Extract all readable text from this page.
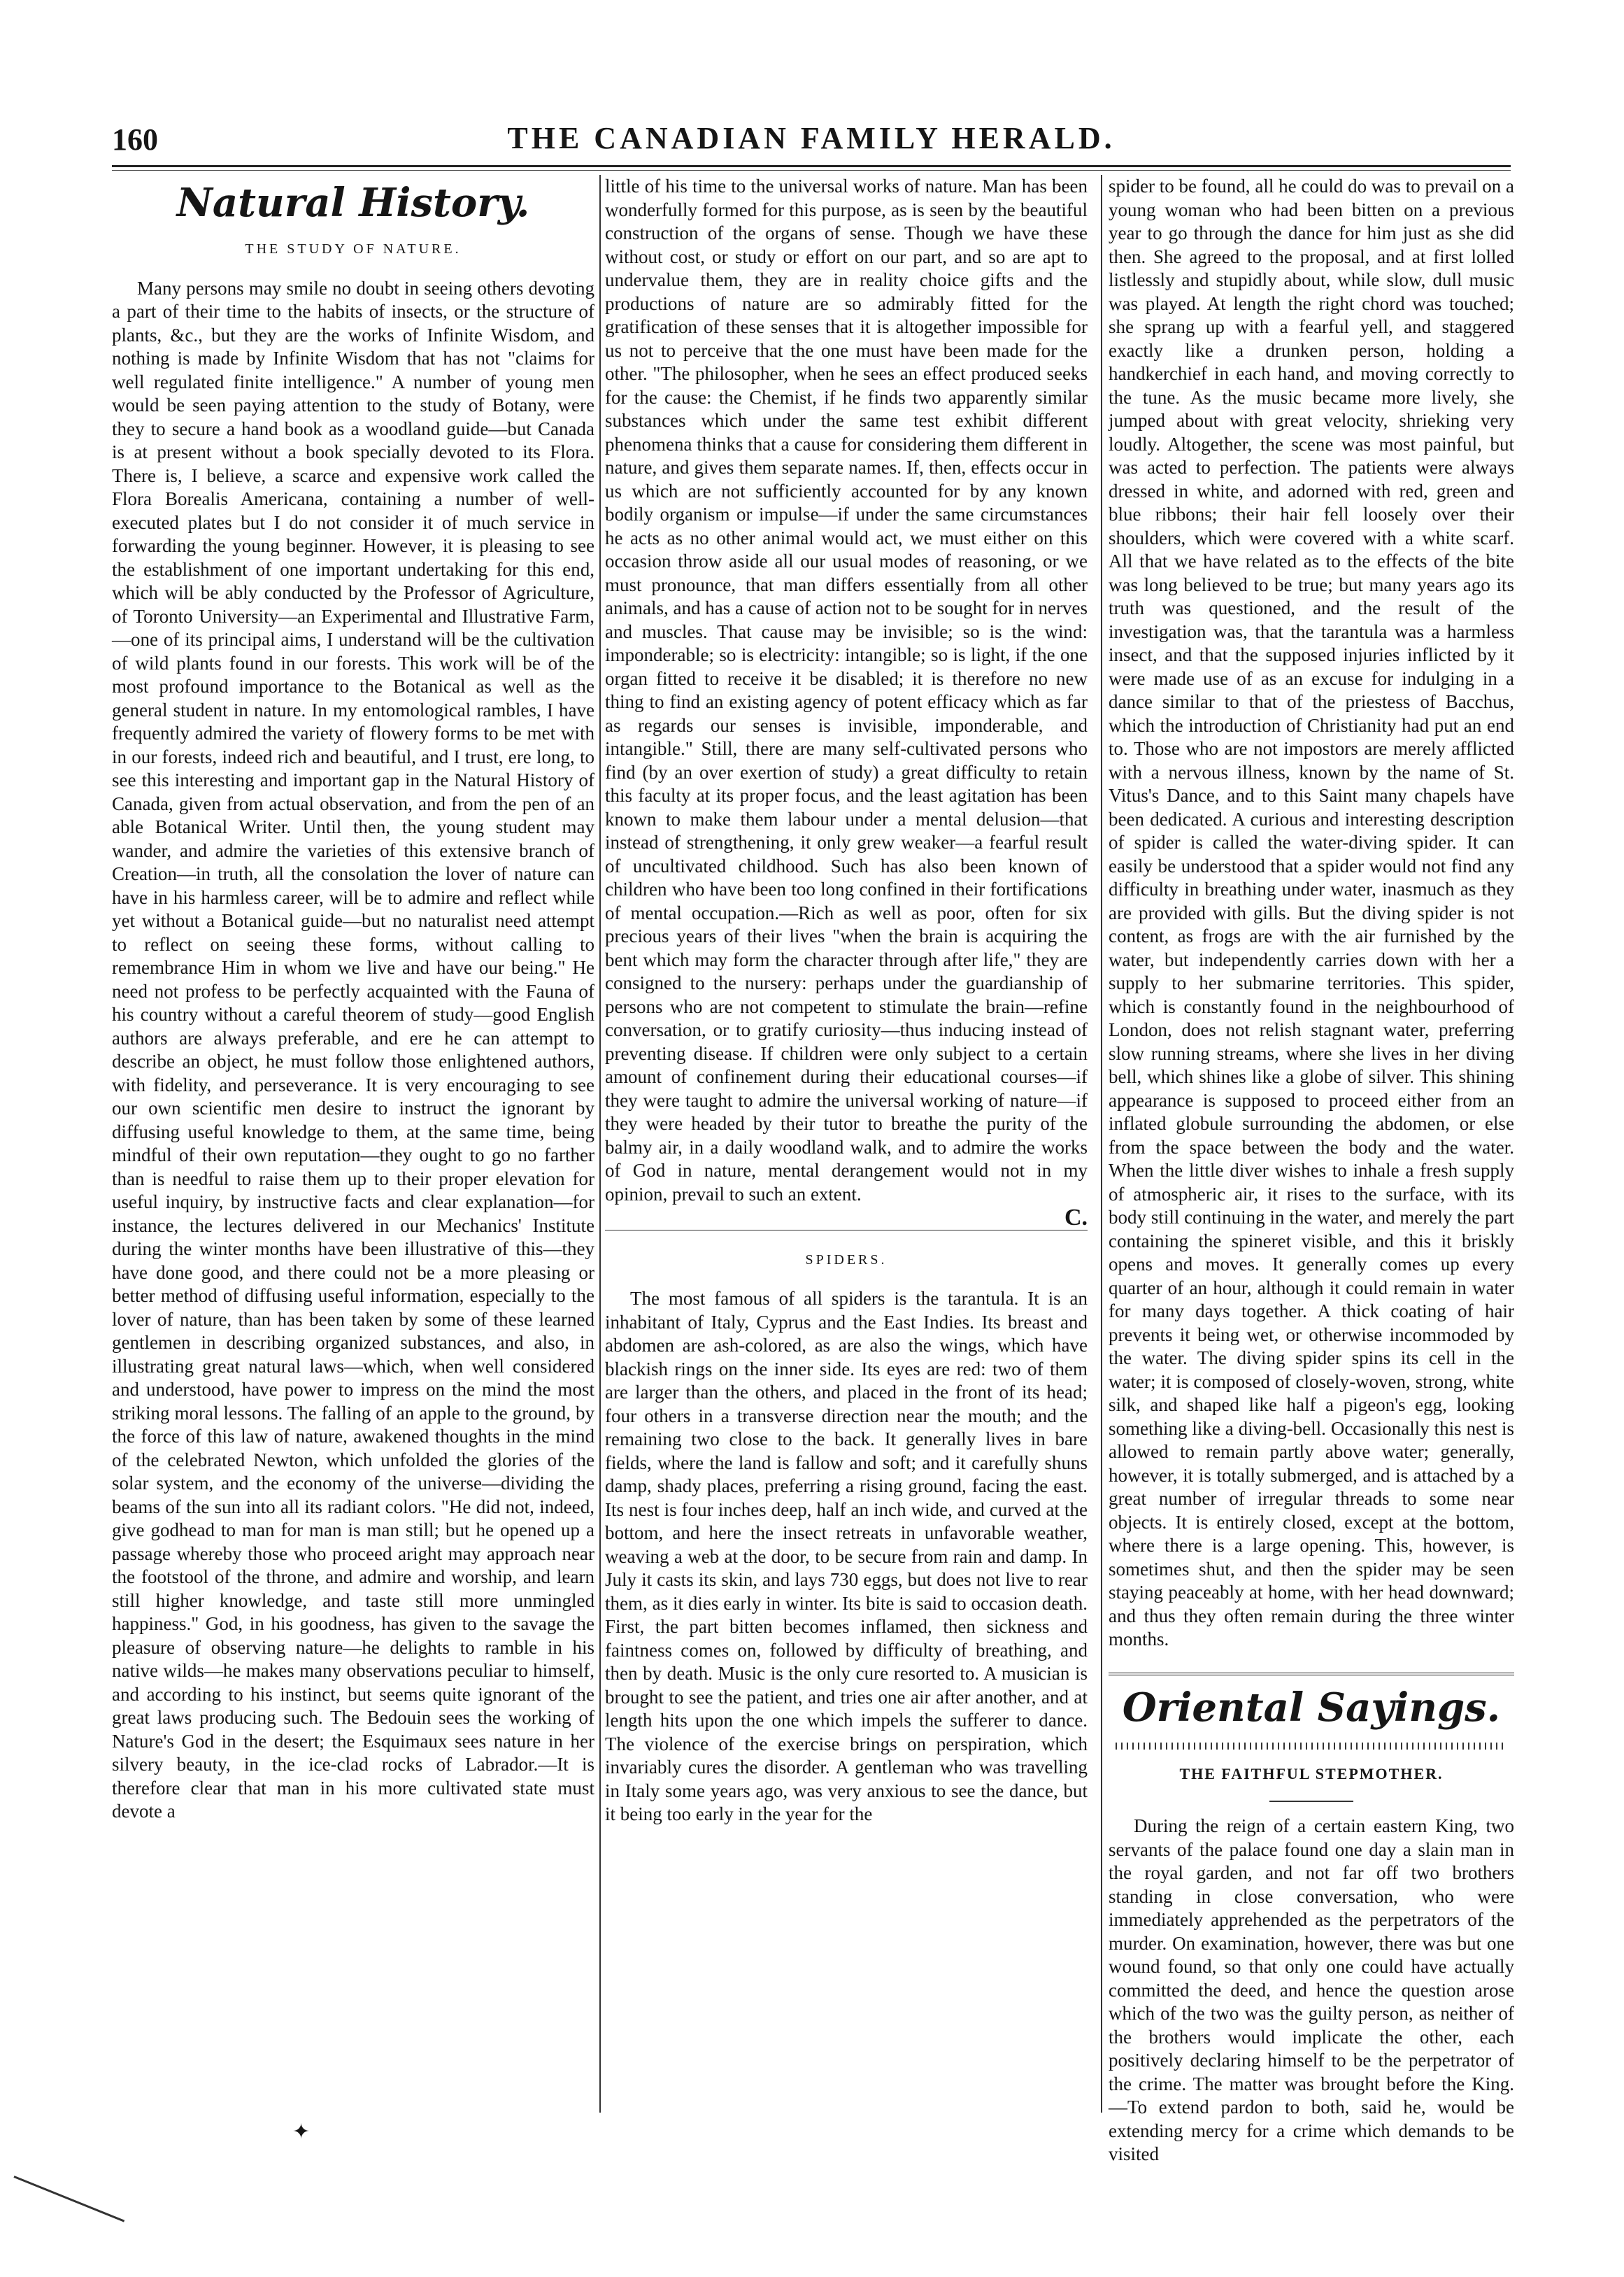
160	THE CANADIAN FAMILY HERALD.
Natural History.
THE STUDY OF NATURE.

Many persons may smile no doubt in seeing others devoting a part of their time to the habits of insects, or the structure of plants, &c., but they are the works of Infinite Wisdom, and nothing is made by Infinite Wisdom that has not "claims for well regulated finite intelligence." A number of young men would be seen paying attention to the study of Botany, were they to secure a hand book as a woodland guide—but Canada is at present without a book specially devoted to its Flora. There is, I believe, a scarce and expensive work called the Flora Borealis Americana, containing a number of well-executed plates but I do not consider it of much service in forwarding the young beginner. However, it is pleasing to see the establishment of one important undertaking for this end, which will be ably conducted by the Professor of Agriculture, of Toronto University—an Experimental and Illustrative Farm,—one of its principal aims, I understand will be the cultivation of wild plants found in our forests. This work will be of the most profound importance to the Botanical as well as the general student in nature. In my entomological rambles, I have frequently admired the variety of flowery forms to be met with in our forests, indeed rich and beautiful, and I trust, ere long, to see this interesting and important gap in the Natural History of Canada, given from actual observation, and from the pen of an able Botanical Writer. Until then, the young student may wander, and admire the varieties of this extensive branch of Creation—in truth, all the consolation the lover of nature can have in his harmless career, will be to admire and reflect while yet without a Botanical guide—but no naturalist need attempt to reflect on seeing these forms, without calling to remembrance Him in whom we live and have our being." He need not profess to be perfectly acquainted with the Fauna of his country without a careful theorem of study—good English authors are always preferable, and ere he can attempt to describe an object, he must follow those enlightened authors, with fidelity, and perseverance. It is very encouraging to see our own scientific men desire to instruct the ignorant by diffusing useful knowledge to them, at the same time, being mindful of their own reputation—they ought to go no farther than is needful to raise them up to their proper elevation for useful inquiry, by instructive facts and clear explanation—for instance, the lectures delivered in our Mechanics' Institute during the winter months have been illustrative of this—they have done good, and there could not be a more pleasing or better method of diffusing useful information, especially to the lover of nature, than has been taken by some of these learned gentlemen in describing organized substances, and also, in illustrating great natural laws—which, when well considered and understood, have power to impress on the mind the most striking moral lessons. The falling of an apple to the ground, by the force of this law of nature, awakened thoughts in the mind of the celebrated Newton, which unfolded the glories of the solar system, and the economy of the universe—dividing the beams of the sun into all its radiant colors. "He did not, indeed, give godhead to man for man is man still; but he opened up a passage whereby those who proceed aright may approach near the footstool of the throne, and admire and worship, and learn still higher knowledge, and taste still more unmingled happiness." God, in his goodness, has given to the savage the pleasure of observing nature—he delights to ramble in his native wilds—he makes many observations peculiar to himself, and according to his instinct, but seems quite ignorant of the great laws producing such. The Bedouin sees the working of Nature's God in the desert; the Esquimaux sees nature in her silvery beauty, in the ice-clad rocks of Labrador.—It is therefore clear that man in his more cultivated state must devote a

little of his time to the universal works of nature. Man has been wonderfully formed for this purpose, as is seen by the beautiful construction of the organs of sense. Though we have these without cost, or study or effort on our part, and so are apt to undervalue them, they are in reality choice gifts and the productions of nature are so admirably fitted for the gratification of these senses that it is altogether impossible for us not to perceive that the one must have been made for the other. "The philosopher, when he sees an effect produced seeks for the cause: the Chemist, if he finds two apparently similar substances which under the same test exhibit different phenomena thinks that a cause for considering them different in nature, and gives them separate names. If, then, effects occur in us which are not sufficiently accounted for by any known bodily organism or impulse—if under the same circumstances he acts as no other animal would act, we must either on this occasion throw aside all our usual modes of reasoning, or we must pronounce, that man differs essentially from all other animals, and has a cause of action not to be sought for in nerves and muscles. That cause may be invisible; so is the wind: imponderable; so is electricity: intangible; so is light, if the one organ fitted to receive it be disabled; it is therefore no new thing to find an existing agency of potent efficacy which as far as regards our senses is invisible, imponderable, and intangible." Still, there are many self-cultivated persons who find (by an over exertion of study) a great difficulty to retain this faculty at its proper focus, and the least agitation has been known to make them labour under a mental delusion—that instead of strengthening, it only grew weaker—a fearful result of uncultivated childhood. Such has also been known of children who have been too long confined in their fortifications of mental occupation.—Rich as well as poor, often for six precious years of their lives "when the brain is acquiring the bent which may form the character through after life," they are consigned to the nursery: perhaps under the guardianship of persons who are not competent to stimulate the brain—refine conversation, or to gratify curiosity—thus inducing instead of preventing disease. If children were only subject to a certain amount of confinement during their educational courses—if they were taught to admire the universal working of nature—if they were headed by their tutor to breathe the purity of the balmy air, in a daily woodland walk, and to admire the works of God in nature, mental derangement would not in my opinion, prevail to such an extent.

C.

SPIDERS.

The most famous of all spiders is the tarantula. It is an inhabitant of Italy, Cyprus and the East Indies. Its breast and abdomen are ash-colored, as are also the wings, which have blackish rings on the inner side. Its eyes are red: two of them are larger than the others, and placed in the front of its head; four others in a transverse direction near the mouth; and the remaining two close to the back. It generally lives in bare fields, where the land is fallow and soft; and it carefully shuns damp, shady places, preferring a rising ground, facing the east. Its nest is four inches deep, half an inch wide, and curved at the bottom, and here the insect retreats in unfavorable weather, weaving a web at the door, to be secure from rain and damp. In July it casts its skin, and lays 730 eggs, but does not live to rear them, as it dies early in winter. Its bite is said to occasion death. First, the part bitten becomes inflamed, then sickness and faintness comes on, followed by difficulty of breathing, and then by death. Music is the only cure resorted to. A musician is brought to see the patient, and tries one air after another, and at length hits upon the one which impels the sufferer to dance. The violence of the exercise brings on perspiration, which invariably cures the disorder. A gentleman who was travelling in Italy some years ago, was very anxious to see the dance, but it being too early in the year for the

spider to be found, all he could do was to prevail on a young woman who had been bitten on a previous year to go through the dance for him just as she did then. She agreed to the proposal, and at first lolled listlessly and stupidly about, while slow, dull music was played. At length the right chord was touched; she sprang up with a fearful yell, and staggered exactly like a drunken person, holding a handkerchief in each hand, and moving correctly to the tune. As the music became more lively, she jumped about with great velocity, shrieking very loudly. Altogether, the scene was most painful, but was acted to perfection. The patients were always dressed in white, and adorned with red, green and blue ribbons; their hair fell loosely over their shoulders, which were covered with a white scarf. All that we have related as to the effects of the bite was long believed to be true; but many years ago its truth was questioned, and the result of the investigation was, that the tarantula was a harmless insect, and that the supposed injuries inflicted by it were made use of as an excuse for indulging in a dance similar to that of the priestess of Bacchus, which the introduction of Christianity had put an end to. Those who are not impostors are merely afflicted with a nervous illness, known by the name of St. Vitus's Dance, and to this Saint many chapels have been dedicated. A curious and interesting description of spider is called the water-diving spider. It can easily be understood that a spider would not find any difficulty in breathing under water, inasmuch as they are provided with gills. But the diving spider is not content, as frogs are with the air furnished by the water, but independently carries down with her a supply to her submarine territories. This spider, which is constantly found in the neighbourhood of London, does not relish stagnant water, preferring slow running streams, where she lives in her diving bell, which shines like a globe of silver. This shining appearance is supposed to proceed either from an inflated globule surrounding the abdomen, or else from the space between the body and the water. When the little diver wishes to inhale a fresh supply of atmospheric air, it rises to the surface, with its body still continuing in the water, and merely the part containing the spineret visible, and this it briskly opens and moves. It generally comes up every quarter of an hour, although it could remain in water for many days together. A thick coating of hair prevents it being wet, or otherwise incommoded by the water. The diving spider spins its cell in the water; it is composed of closely-woven, strong, white silk, and shaped like half a pigeon's egg, looking something like a diving-bell. Occasionally this nest is allowed to remain partly above water; generally, however, it is totally submerged, and is attached by a great number of irregular threads to some near objects. It is entirely closed, except at the bottom, where there is a large opening. This, however, is sometimes shut, and then the spider may be seen staying peaceably at home, with her head downward; and thus they often remain during the three winter months.

Oriental Sayings.
THE FAITHFUL STEPMOTHER.

During the reign of a certain eastern King, two servants of the palace found one day a slain man in the royal garden, and not far off two brothers standing in close conversation, who were immediately apprehended as the perpetrators of the murder. On examination, however, there was but one wound found, so that only one could have actually committed the deed, and hence the question arose which of the two was the guilty person, as neither of the brothers would implicate the other, each positively declaring himself to be the perpetrator of the crime. The matter was brought before the King.—To extend pardon to both, said he, would be extending mercy for a crime which demands to be visited

✦
